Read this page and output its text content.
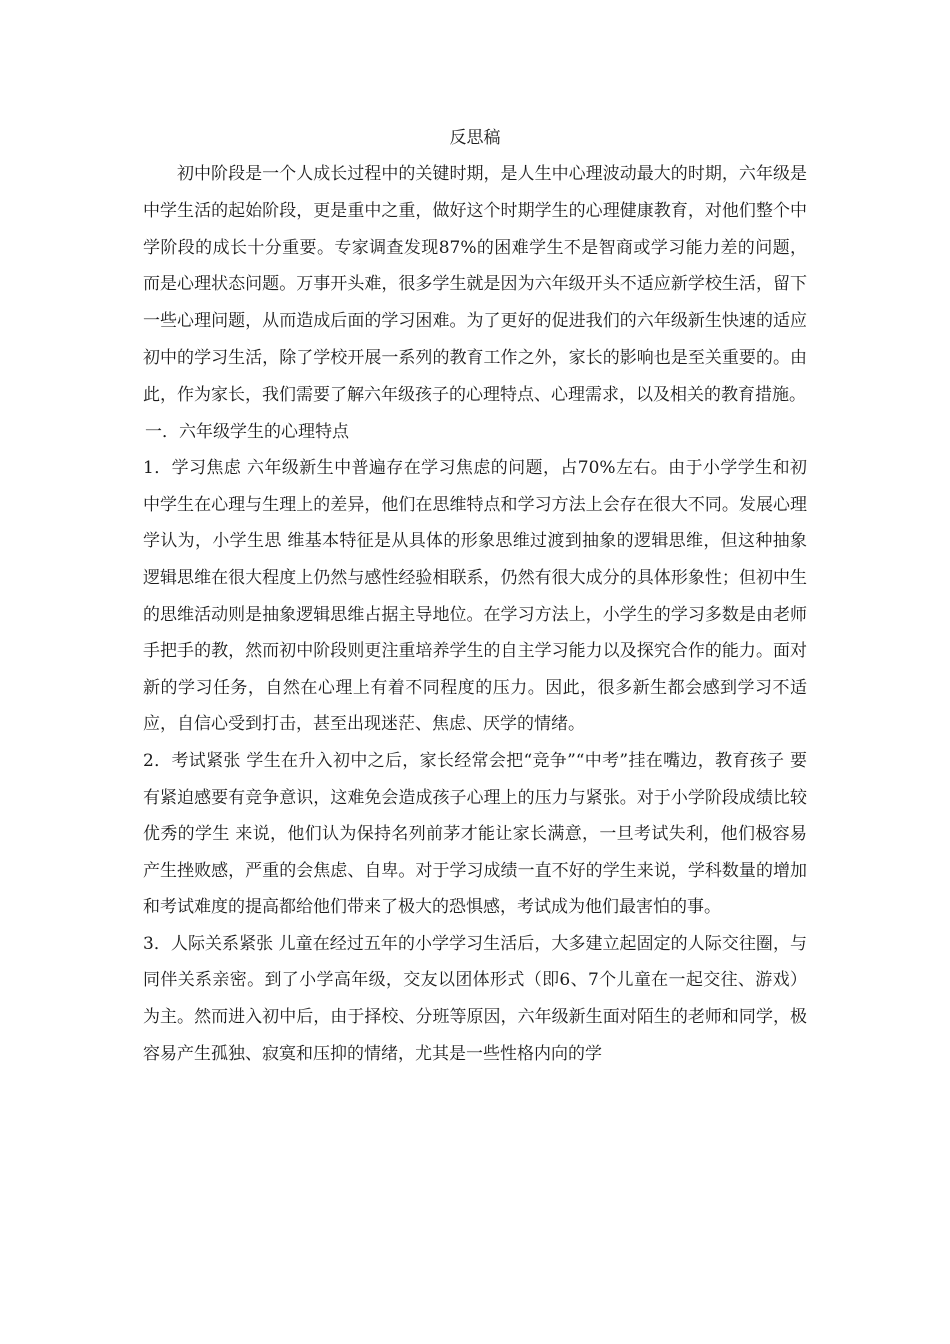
反思稿

初中阶段是一个人成长过程中的关键时期，是人生中心理波动最大的时期，六年级是中学生活的起始阶段，更是重中之重，做好这个时期学生的心理健康教育，对他们整个中学阶段的成长十分重要。专家调查发现87%的困难学生不是智商或学习能力差的问题，而是心理状态问题。万事开头难，很多学生就是因为六年级开头不适应新学校生活，留下一些心理问题，从而造成后面的学习困难。为了更好的促进我们的六年级新生快速的适应初中的学习生活，除了学校开展一系列的教育工作之外，家长的影响也是至关重要的。由此，作为家长，我们需要了解六年级孩子的心理特点、心理需求，以及相关的教育措施。

一．六年级学生的心理特点

1．学习焦虑 六年级新生中普遍存在学习焦虑的问题，占70%左右。由于小学学生和初中学生在心理与生理上的差异，他们在思维特点和学习方法上会存在很大不同。发展心理学认为，小学生思 维基本特征是从具体的形象思维过渡到抽象的逻辑思维，但这种抽象逻辑思维在很大程度上仍然与感性经验相联系，仍然有很大成分的具体形象性；但初中生的思维活动则是抽象逻辑思维占据主导地位。在学习方法上，小学生的学习多数是由老师手把手的教，然而初中阶段则更注重培养学生的自主学习能力以及探究合作的能力。面对新的学习任务，自然在心理上有着不同程度的压力。因此，很多新生都会感到学习不适应，自信心受到打击，甚至出现迷茫、焦虑、厌学的情绪。

2．考试紧张 学生在升入初中之后，家长经常会把“竞争”“中考”挂在嘴边，教育孩子 要有紧迫感要有竞争意识，这难免会造成孩子心理上的压力与紧张。对于小学阶段成绩比较优秀的学生 来说，他们认为保持名列前茅才能让家长满意，一旦考试失利，他们极容易产生挫败感，严重的会焦虑、自卑。对于学习成绩一直不好的学生来说，学科数量的增加和考试难度的提高都给他们带来了极大的恐惧感，考试成为他们最害怕的事。

3．人际关系紧张 儿童在经过五年的小学学习生活后，大多建立起固定的人际交往圈，与同伴关系亲密。到了小学高年级，交友以团体形式（即6、7个儿童在一起交往、游戏）为主。然而进入初中后，由于择校、分班等原因，六年级新生面对陌生的老师和同学，极容易产生孤独、寂寞和压抑的情绪，尤其是一些性格内向的学
